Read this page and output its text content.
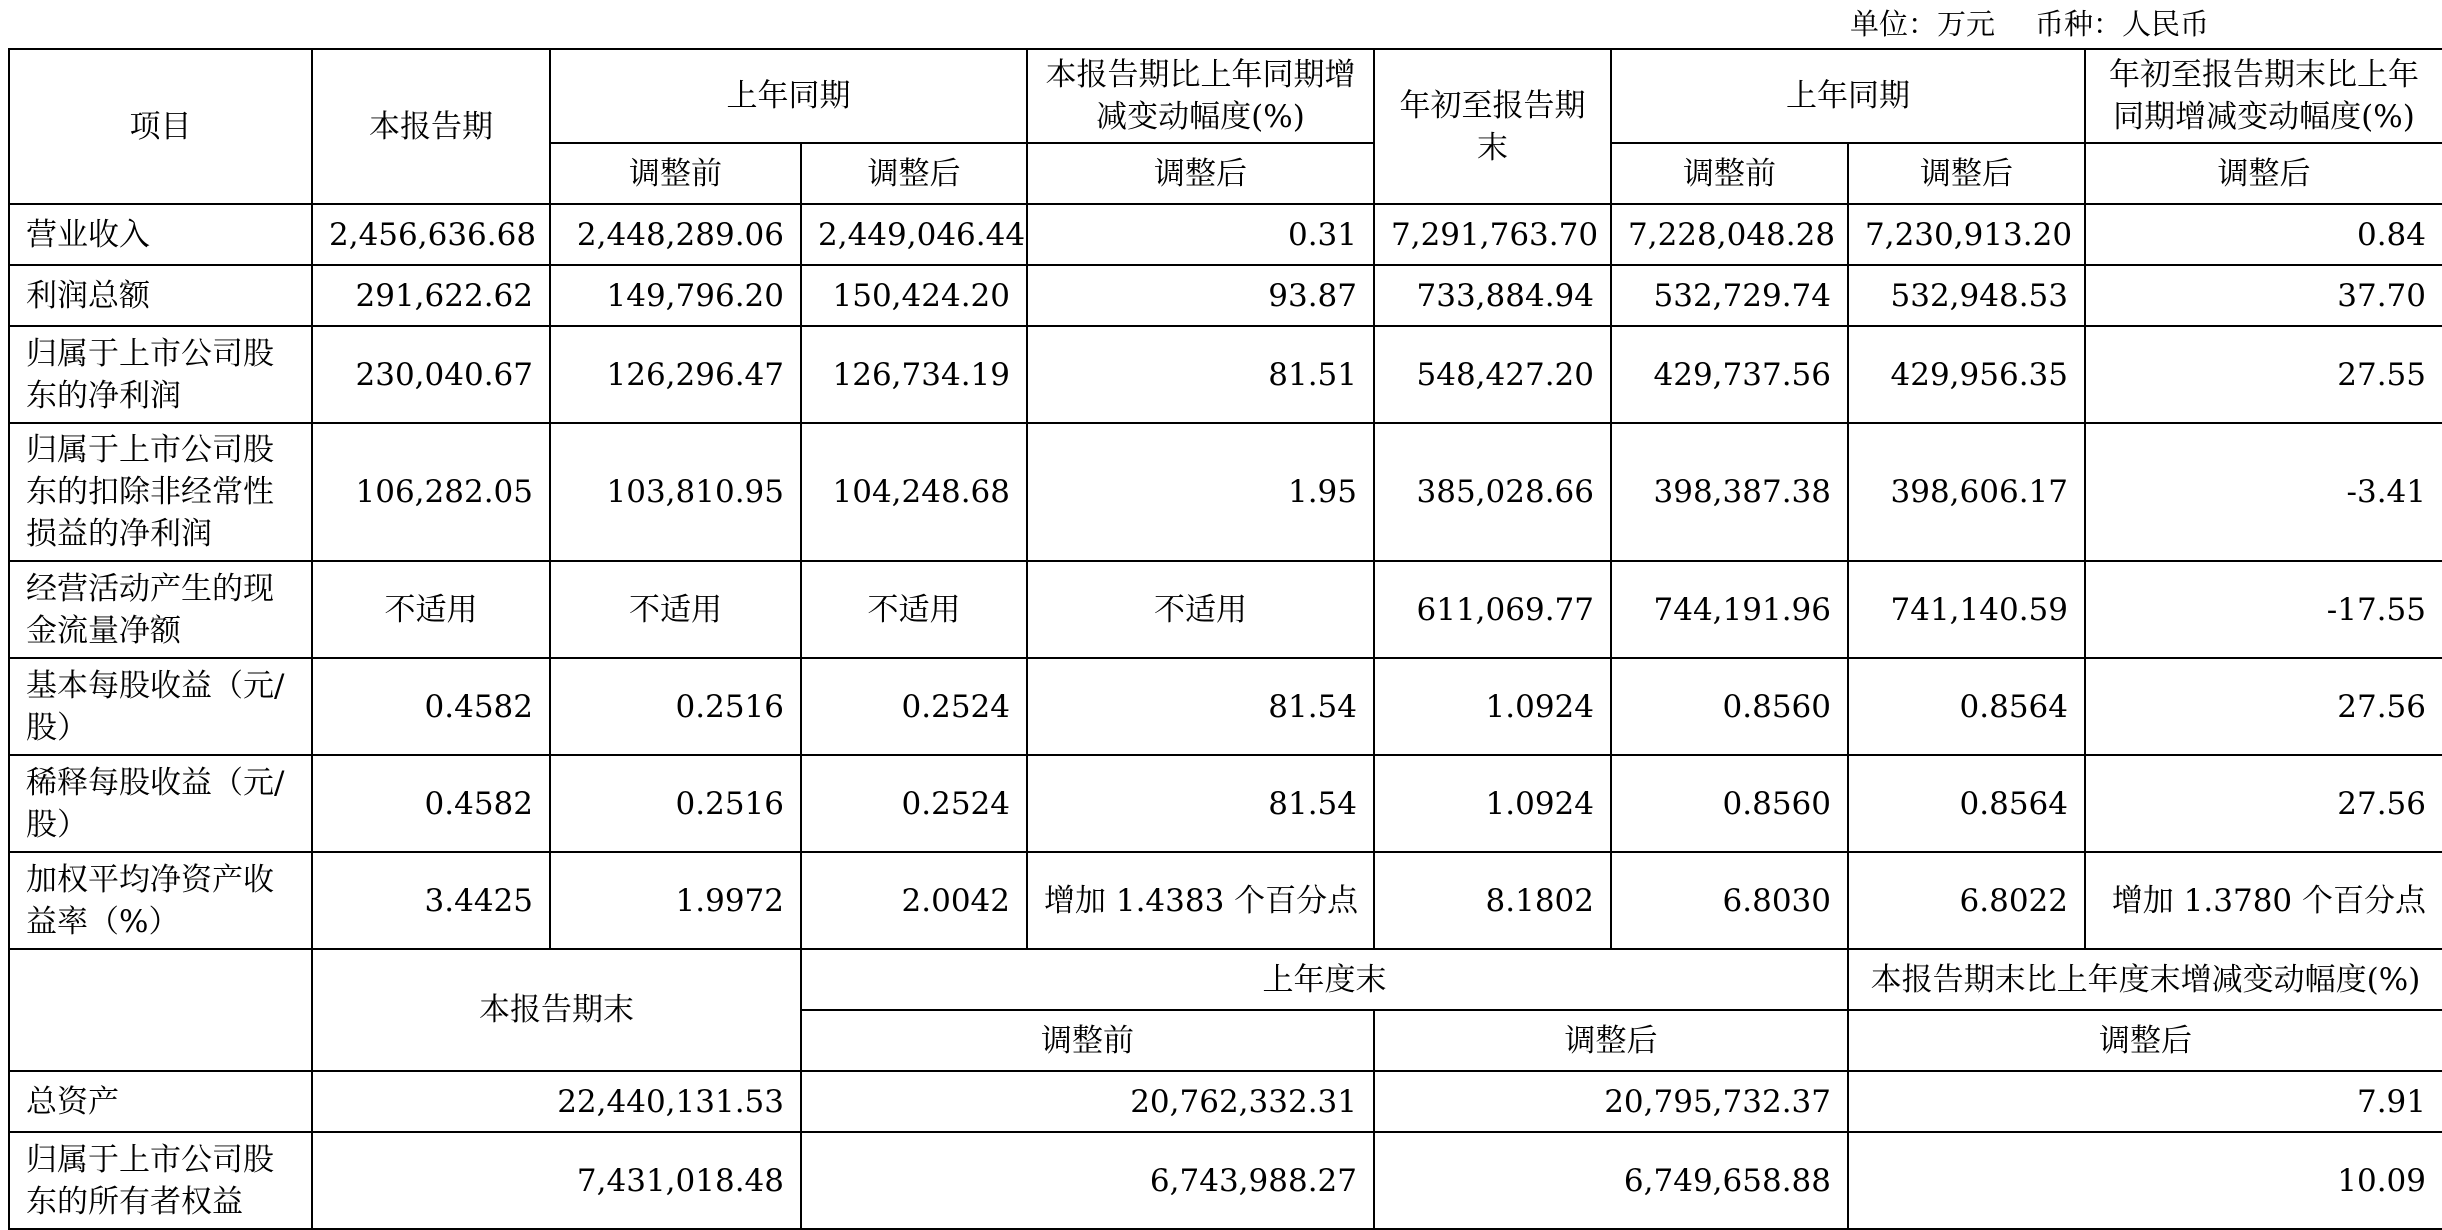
单位：万元 币种：人民币
项目	本报告期	上年同期		本报告期比上年同期增减变动幅度(%)	年初至报告期末	上年同期		年初至报告期末比上年同期增减变动幅度(%)
		调整前	调整后	调整后		调整前	调整后	调整后
营业收入	2,456,636.68	2,448,289.06	2,449,046.44	0.31	7,291,763.70	7,228,048.28	7,230,913.20	0.84
利润总额	291,622.62	149,796.20	150,424.20	93.87	733,884.94	532,729.74	532,948.53	37.70
归属于上市公司股东的净利润	230,040.67	126,296.47	126,734.19	81.51	548,427.20	429,737.56	429,956.35	27.55
归属于上市公司股东的扣除非经常性损益的净利润	106,282.05	103,810.95	104,248.68	1.95	385,028.66	398,387.38	398,606.17	-3.41
经营活动产生的现金流量净额	不适用	不适用	不适用	不适用	611,069.77	744,191.96	741,140.59	-17.55
基本每股收益（元/股）	0.4582	0.2516	0.2524	81.54	1.0924	0.8560	0.8564	27.56
稀释每股收益（元/股）	0.4582	0.2516	0.2524	81.54	1.0924	0.8560	0.8564	27.56
加权平均净资产收益率（%）	3.4425	1.9972	2.0042	增加 1.4383 个百分点	8.1802	6.8030	6.8022	增加 1.3780 个百分点
	本报告期末		上年度末				本报告期末比上年度末增减变动幅度(%)	
			调整前		调整后		调整后	
总资产	22,440,131.53		20,762,332.31		20,795,732.37		7.91	
归属于上市公司股东的所有者权益	7,431,018.48		6,743,988.27		6,749,658.88		10.09	
